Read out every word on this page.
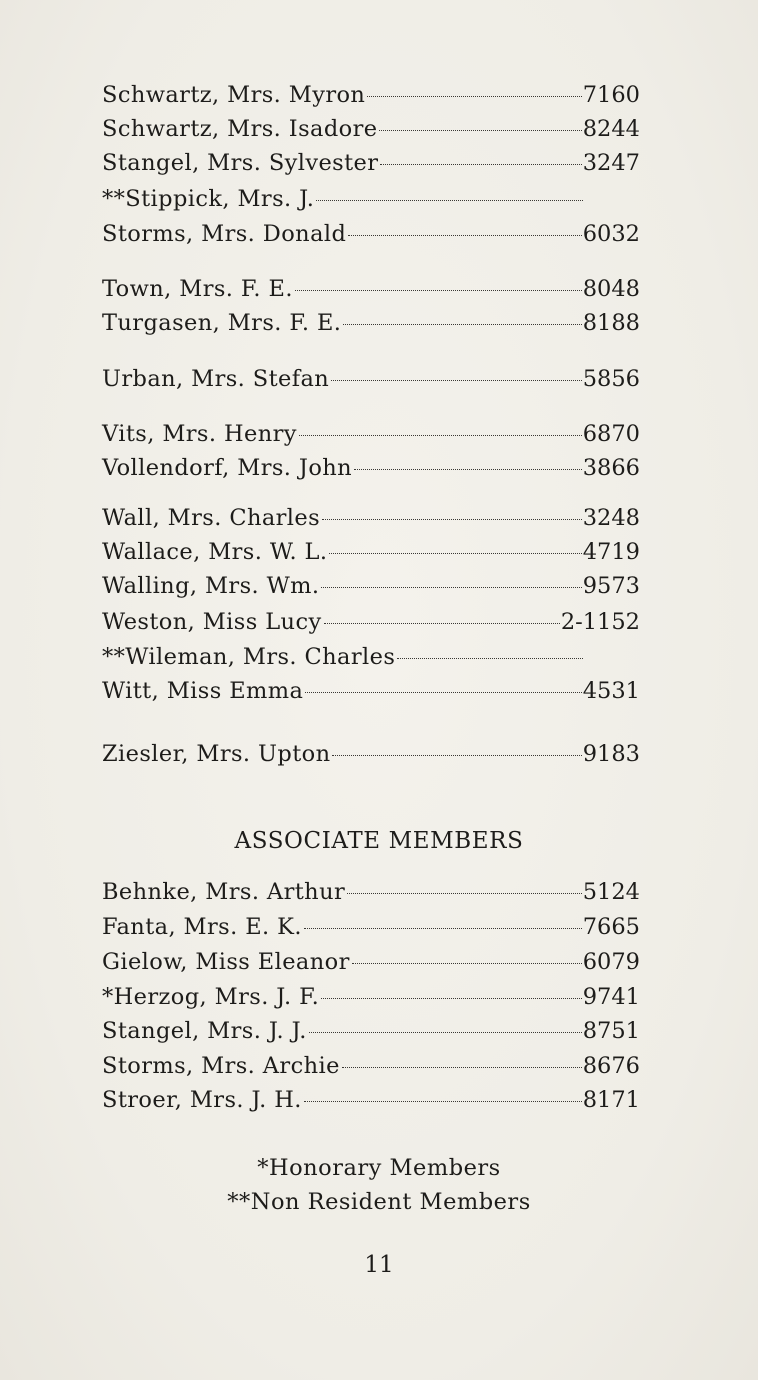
Schwartz, Mrs. Myron	7160
Schwartz, Mrs. Isadore	8244
Stangel, Mrs. Sylvester	3247
**Stippick, Mrs. J.
Storms, Mrs. Donald	6032
Town, Mrs. F. E.	8048
Turgasen, Mrs. F. E.	8188
Urban, Mrs. Stefan	5856
Vits, Mrs. Henry	6870
Vollendorf, Mrs. John	3866
Wall, Mrs. Charles	3248
Wallace, Mrs. W. L.	4719
Walling, Mrs. Wm.	9573
Weston, Miss Lucy	2-1152
**Wileman, Mrs. Charles
Witt, Miss Emma	4531
Ziesler, Mrs. Upton	9183
ASSOCIATE MEMBERS
Behnke, Mrs. Arthur	5124
Fanta, Mrs. E. K.	7665
Gielow, Miss Eleanor	6079
*Herzog, Mrs. J. F.	9741
Stangel, Mrs. J. J.	8751
Storms, Mrs. Archie	8676
Stroer, Mrs. J. H.	8171
*Honorary Members
**Non Resident Members
11
